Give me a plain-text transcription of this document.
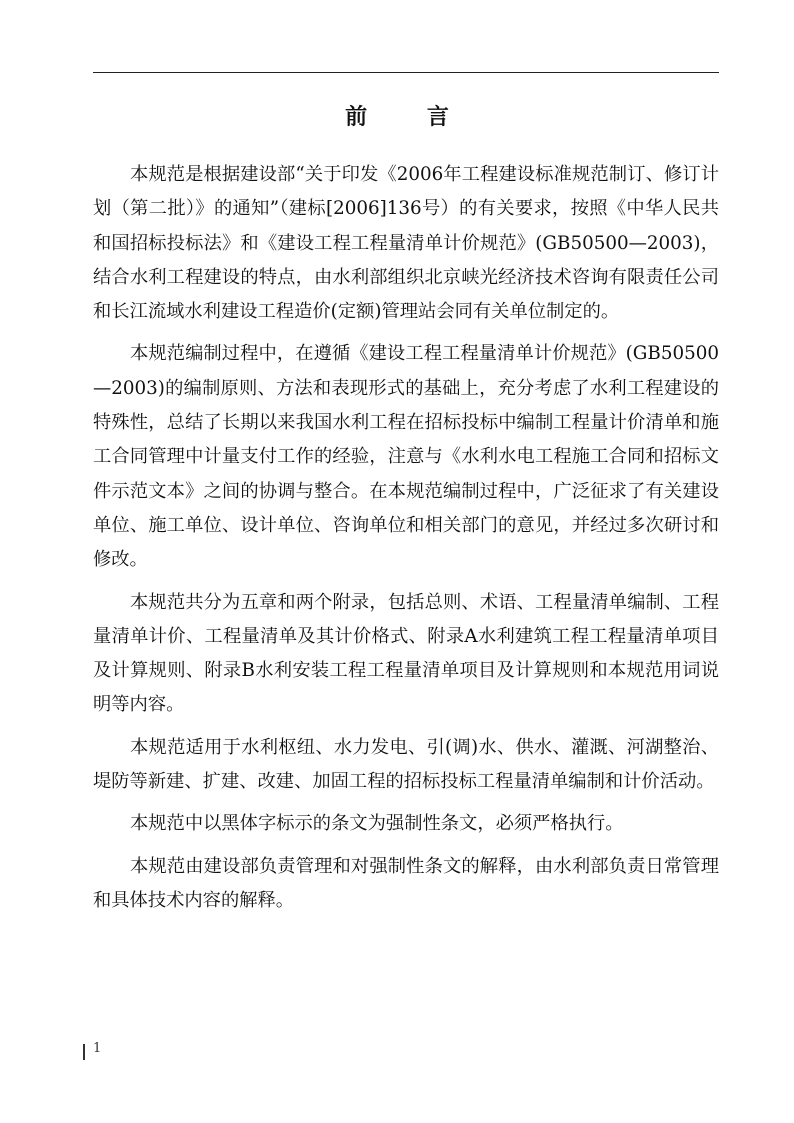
前 言

本规范是根据建设部“关于印发《2006年工程建设标准规范制订、修订计划（第二批）》的通知”（建标[2006]136号）的有关要求，按照《中华人民共和国招标投标法》和《建设工程工程量清单计价规范》(GB50500—2003)，结合水利工程建设的特点，由水利部组织北京峡光经济技术咨询有限责任公司和长江流域水利建设工程造价(定额)管理站会同有关单位制定的。

本规范编制过程中，在遵循《建设工程工程量清单计价规范》(GB50500—2003)的编制原则、方法和表现形式的基础上，充分考虑了水利工程建设的特殊性，总结了长期以来我国水利工程在招标投标中编制工程量计价清单和施工合同管理中计量支付工作的经验，注意与《水利水电工程施工合同和招标文件示范文本》之间的协调与整合。在本规范编制过程中，广泛征求了有关建设单位、施工单位、设计单位、咨询单位和相关部门的意见，并经过多次研讨和修改。

本规范共分为五章和两个附录，包括总则、术语、工程量清单编制、工程量清单计价、工程量清单及其计价格式、附录A水利建筑工程工程量清单项目及计算规则、附录B水利安装工程工程量清单项目及计算规则和本规范用词说明等内容。

本规范适用于水利枢纽、水力发电、引(调)水、供水、灌溉、河湖整治、堤防等新建、扩建、改建、加固工程的招标投标工程量清单编制和计价活动。

本规范中以黑体字标示的条文为强制性条文，必须严格执行。

本规范由建设部负责管理和对强制性条文的解释，由水利部负责日常管理和具体技术内容的解释。

1
